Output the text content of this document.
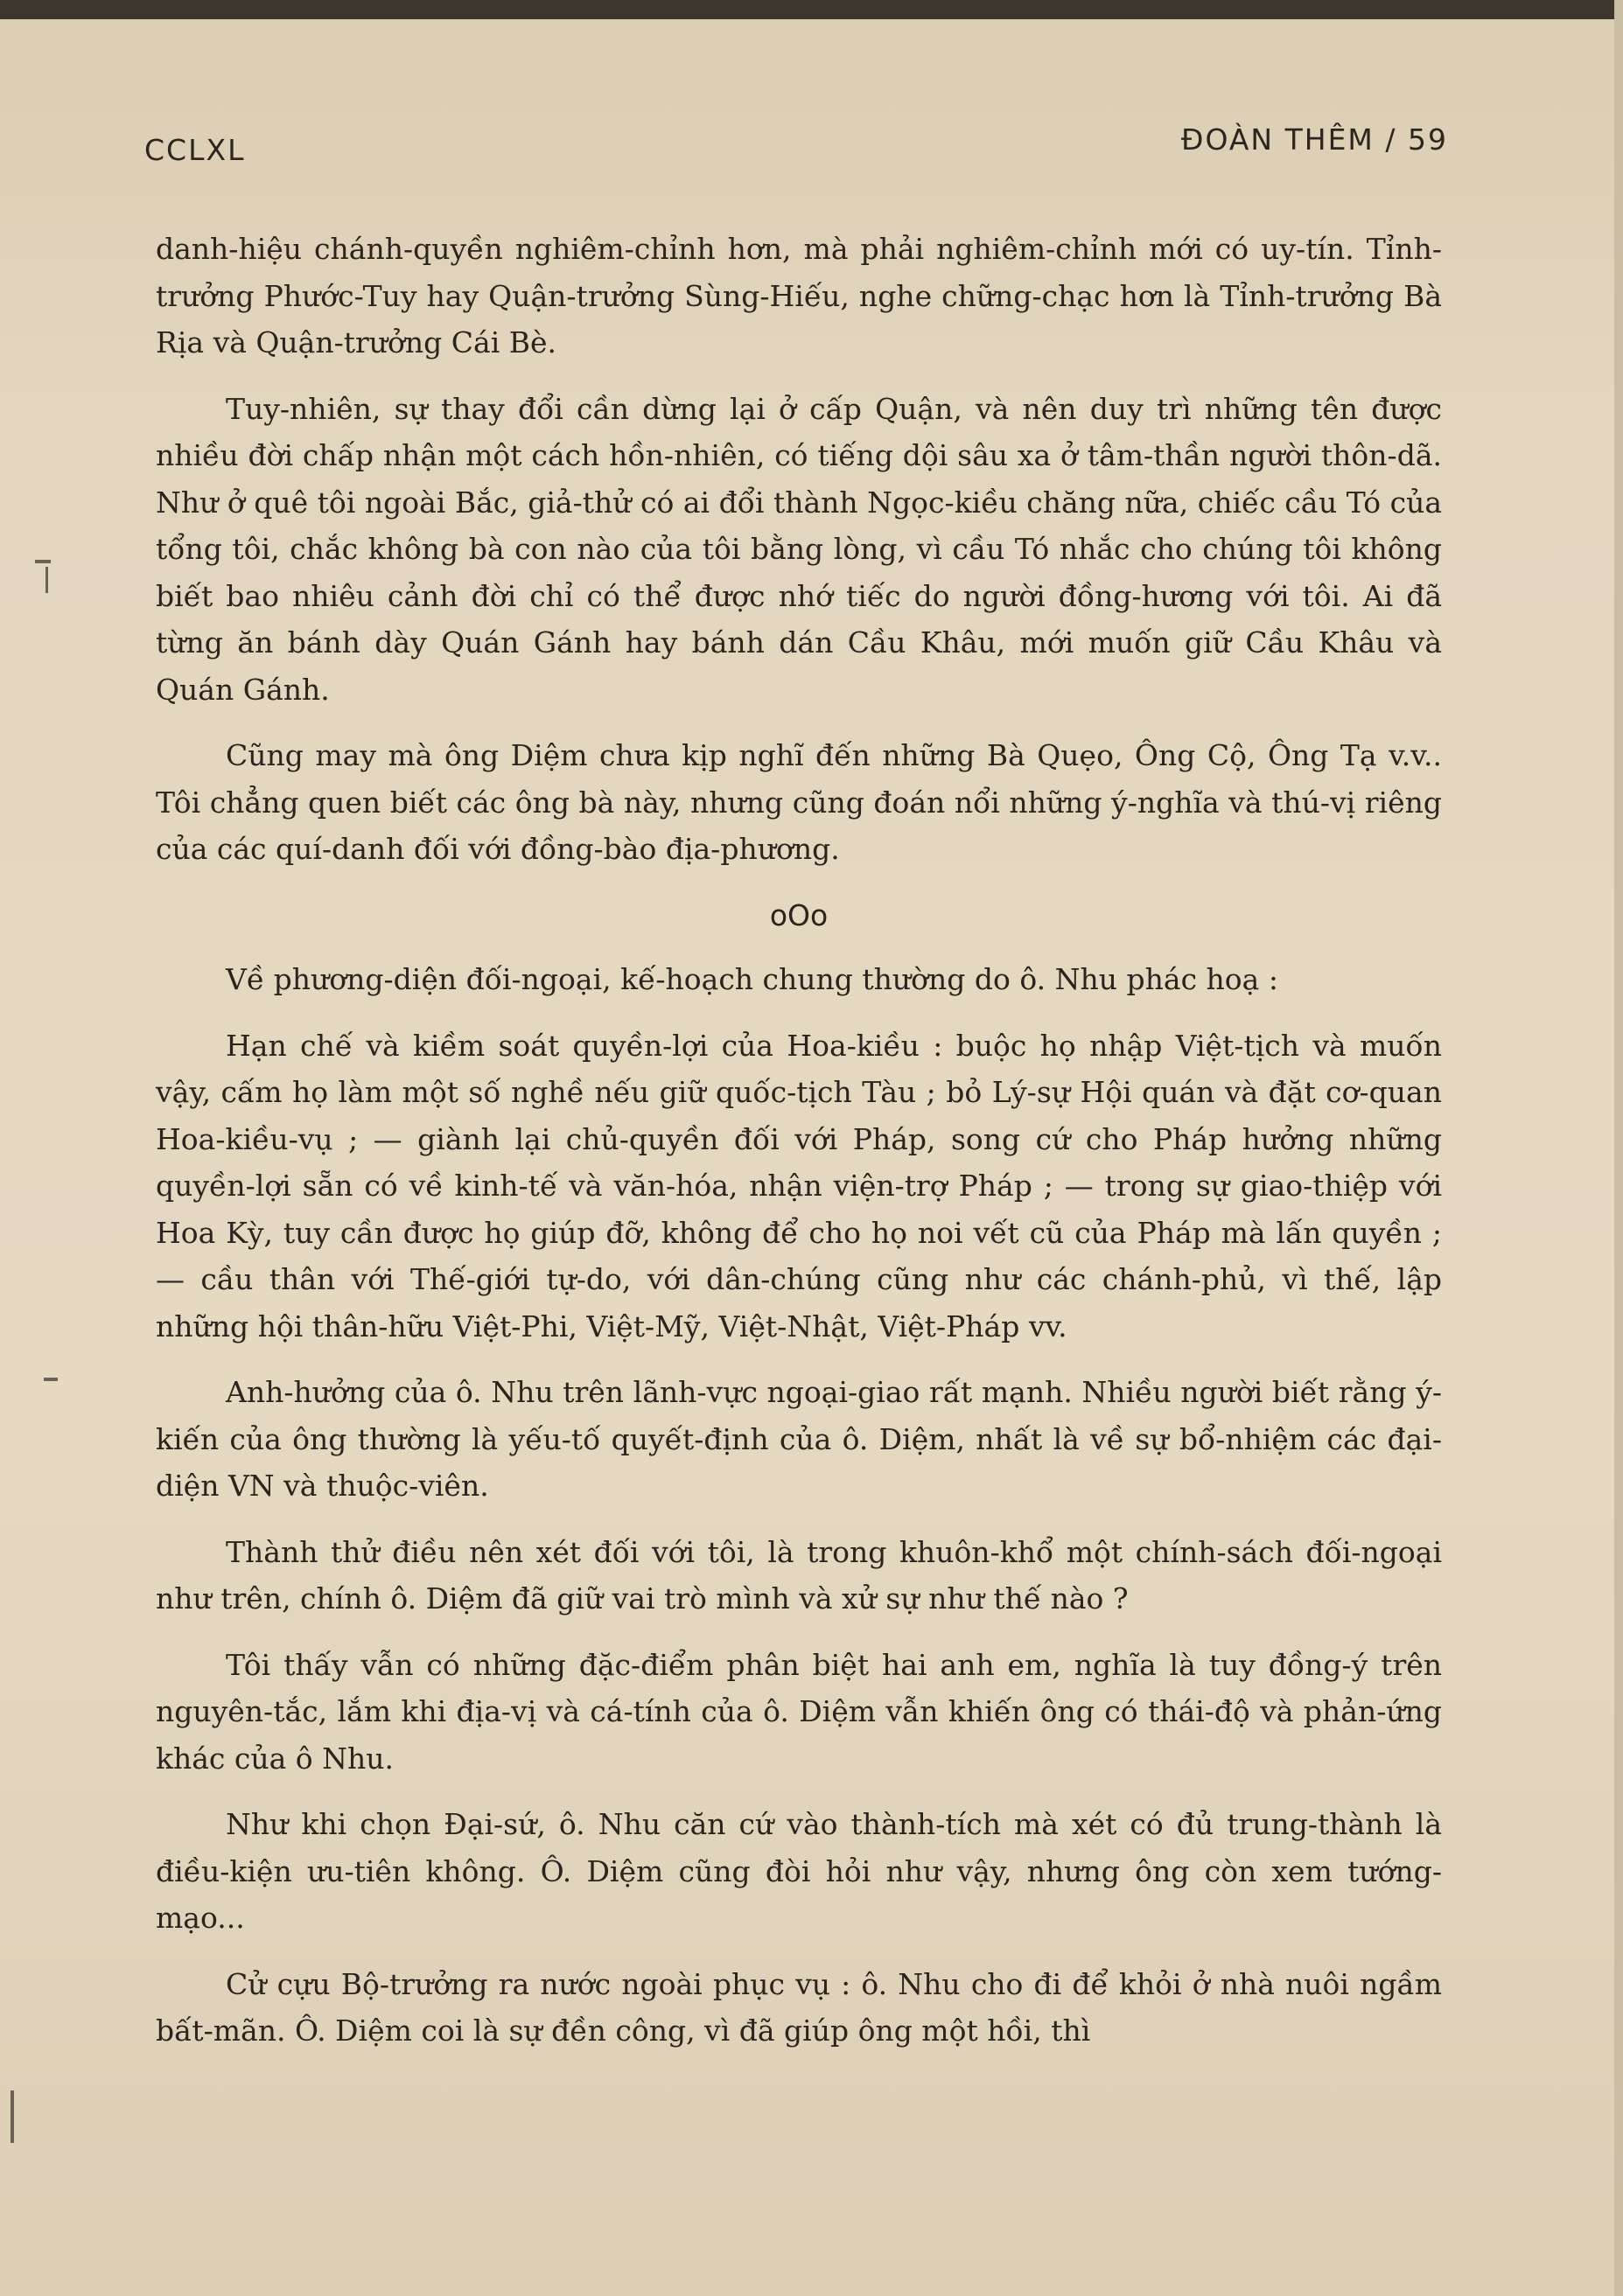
CCLXL	ĐOÀN THÊM / 59

danh-hiệu chánh-quyền nghiêm-chỉnh hơn, mà phải nghiêm-chỉnh mới có uy-tín. Tỉnh-trưởng Phước-Tuy hay Quận-trưởng Sùng-Hiếu, nghe chững-chạc hơn là Tỉnh-trưởng Bà Rịa và Quận-trưởng Cái Bè.

Tuy-nhiên, sự thay đổi cần dừng lại ở cấp Quận, và nên duy trì những tên được nhiều đời chấp nhận một cách hồn-nhiên, có tiếng dội sâu xa ở tâm-thần người thôn-dã. Như ở quê tôi ngoài Bắc, giả-thử có ai đổi thành Ngọc-kiều chăng nữa, chiếc cầu Tó của tổng tôi, chắc không bà con nào của tôi bằng lòng, vì cầu Tó nhắc cho chúng tôi không biết bao nhiêu cảnh đời chỉ có thể được nhớ tiếc do người đồng-hương với tôi. Ai đã từng ăn bánh dày Quán Gánh hay bánh dán Cầu Khâu, mới muốn giữ Cầu Khâu và Quán Gánh.

Cũng may mà ông Diệm chưa kịp nghĩ đến những Bà Quẹo, Ông Cộ, Ông Tạ v.v.. Tôi chẳng quen biết các ông bà này, nhưng cũng đoán nổi những ý-nghĩa và thú-vị riêng của các quí-danh đối với đồng-bào địa-phương.

oOo

Về phương-diện đối-ngoại, kế-hoạch chung thường do ô. Nhu phác hoạ :

Hạn chế và kiềm soát quyền-lợi của Hoa-kiều : buộc họ nhập Việt-tịch và muốn vậy, cấm họ làm một số nghề nếu giữ quốc-tịch Tàu ; bỏ Lý-sự Hội quán và đặt cơ-quan Hoa-kiều-vụ ; — giành lại chủ-quyền đối với Pháp, song cứ cho Pháp hưởng những quyền-lợi sẵn có về kinh-tế và văn-hóa, nhận viện-trợ Pháp ; — trong sự giao-thiệp với Hoa Kỳ, tuy cần được họ giúp đỡ, không để cho họ noi vết cũ của Pháp mà lấn quyền ; — cầu thân với Thế-giới tự-do, với dân-chúng cũng như các chánh-phủ, vì thế, lập những hội thân-hữu Việt-Phi, Việt-Mỹ, Việt-Nhật, Việt-Pháp vv.

Anh-hưởng của ô. Nhu trên lãnh-vực ngoại-giao rất mạnh. Nhiều người biết rằng ý-kiến của ông thường là yếu-tố quyết-định của ô. Diệm, nhất là về sự bổ-nhiệm các đại-diện VN và thuộc-viên.

Thành thử điều nên xét đối với tôi, là trong khuôn-khổ một chính-sách đối-ngoại như trên, chính ô. Diệm đã giữ vai trò mình và xử sự như thế nào ?

Tôi thấy vẫn có những đặc-điểm phân biệt hai anh em, nghĩa là tuy đồng-ý trên nguyên-tắc, lắm khi địa-vị và cá-tính của ô. Diệm vẫn khiến ông có thái-độ và phản-ứng khác của ô Nhu.

Như khi chọn Đại-sứ, ô. Nhu căn cứ vào thành-tích mà xét có đủ trung-thành là điều-kiện ưu-tiên không. Ô. Diệm cũng đòi hỏi như vậy, nhưng ông còn xem tướng-mạo...

Cử cựu Bộ-trưởng ra nước ngoài phục vụ : ô. Nhu cho đi để khỏi ở nhà nuôi ngầm bất-mãn. Ô. Diệm coi là sự đền công, vì đã giúp ông một hồi, thì
